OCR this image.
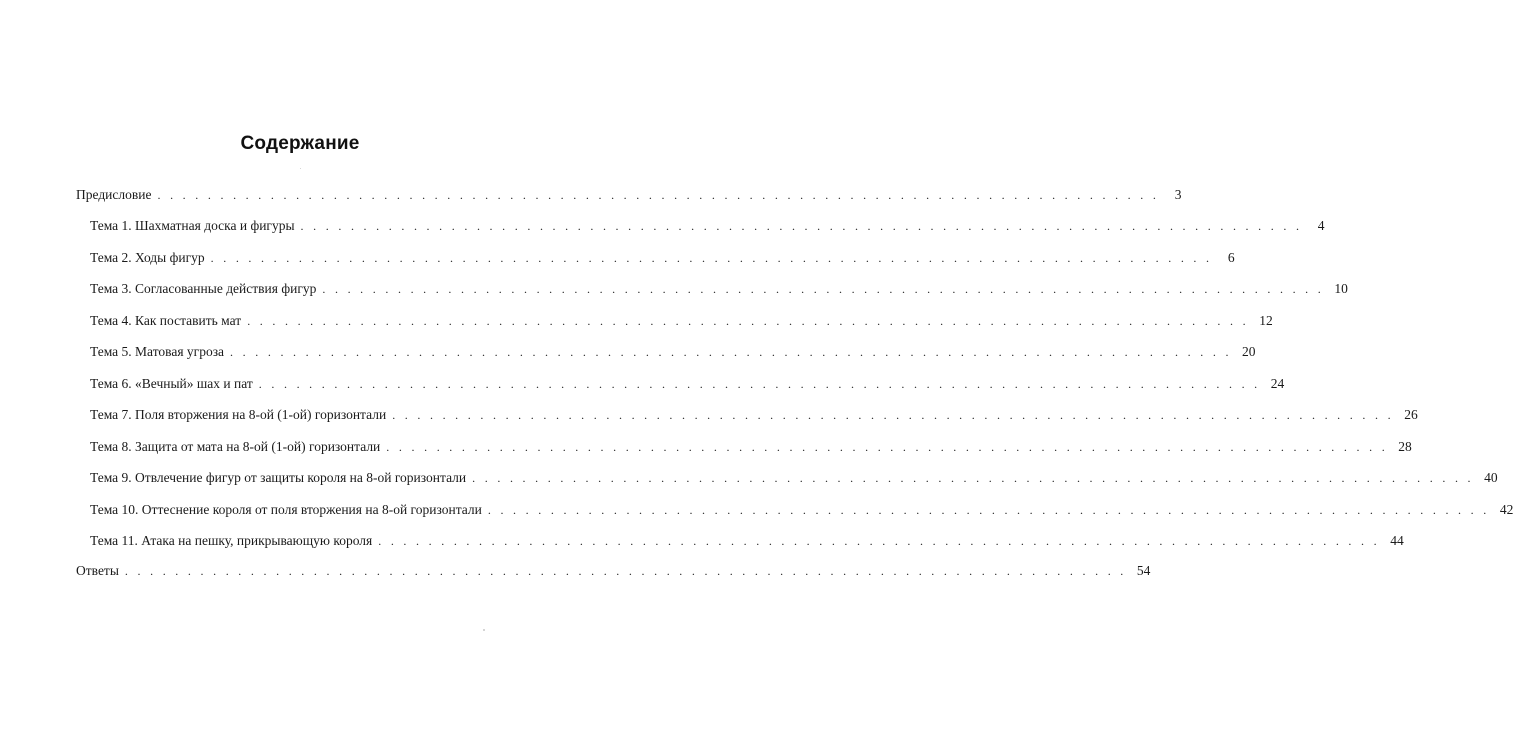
Содержание
Предисловие ................................................................................ 3
Тема 1. Шахматная доска и фигуры ................................................................................ 4
Тема 2. Ходы фигур ................................................................................ 6
Тема 3. Согласованные действия фигур ................................................................................ 10
Тема 4. Как поставить мат ................................................................................ 12
Тема 5. Матовая угроза ................................................................................ 20
Тема 6. «Вечный» шах и пат ................................................................................ 24
Тема 7. Поля вторжения на 8-ой (1-ой) горизонтали ................................................................................ 26
Тема 8. Защита от мата на 8-ой (1-ой) горизонтали ................................................................................ 28
Тема 9. Отвлечение фигур от защиты короля на 8-ой горизонтали ................................................................................ 40
Тема 10. Оттеснение короля от поля вторжения на 8-ой горизонтали ................................................................................ 42
Тема 11. Атака на пешку, прикрывающую короля ................................................................................ 44
Ответы ................................................................................ 54
